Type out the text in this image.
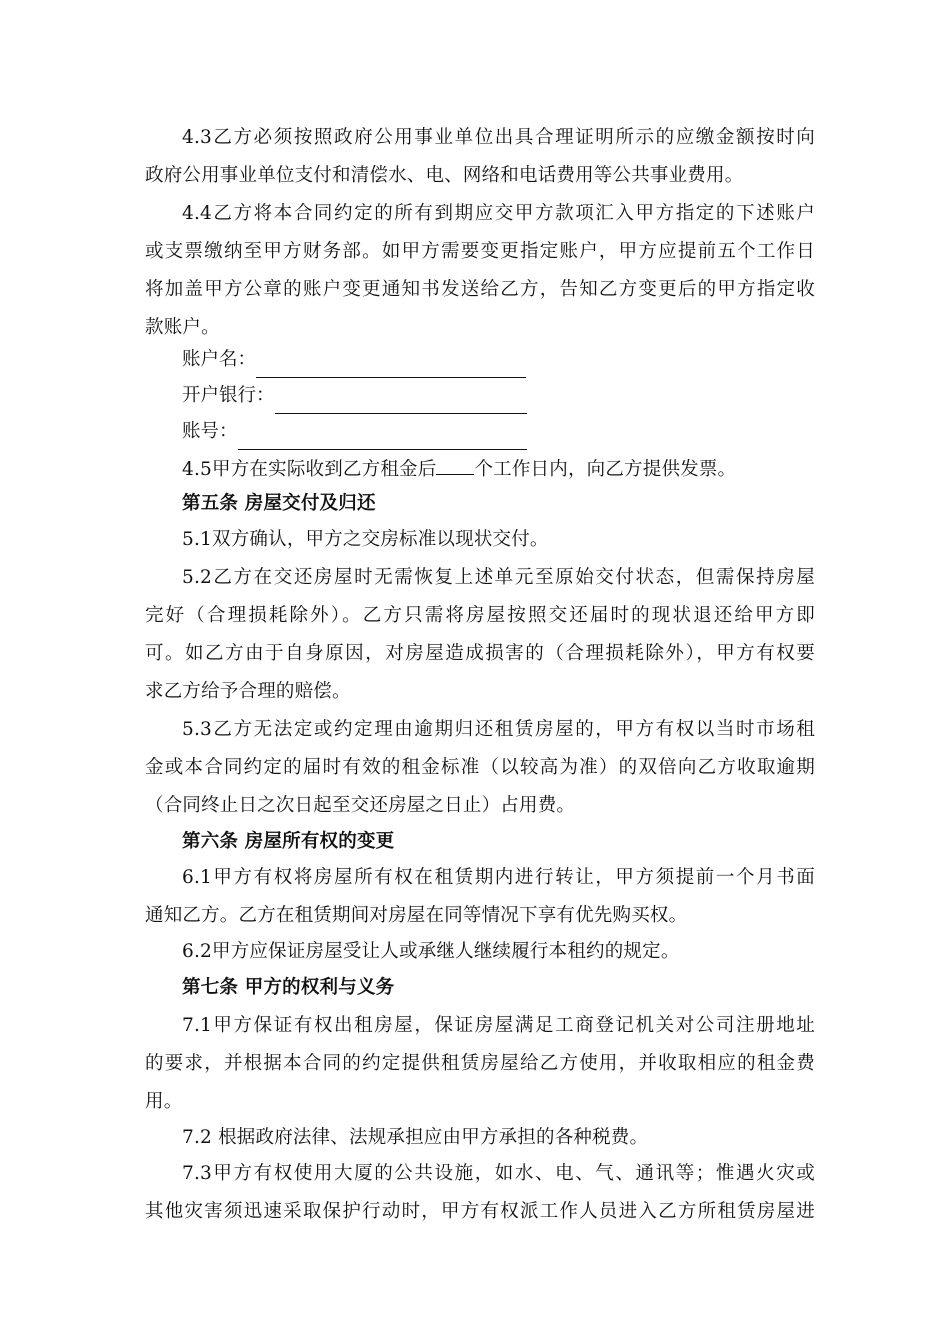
4.3乙方必须按照政府公用事业单位出具合理证明所示的应缴金额按时向
政府公用事业单位支付和清偿水、电、网络和电话费用等公共事业费用。
4.4乙方将本合同约定的所有到期应交甲方款项汇入甲方指定的下述账户
或支票缴纳至甲方财务部。如甲方需要变更指定账户，甲方应提前五个工作日
将加盖甲方公章的账户变更通知书发送给乙方，告知乙方变更后的甲方指定收
款账户。
账户名：
开户银行：
账号：
4.5甲方在实际收到乙方租金后 个工作日内，向乙方提供发票。
第五条 房屋交付及归还
5.1双方确认，甲方之交房标准以现状交付。
5.2乙方在交还房屋时无需恢复上述单元至原始交付状态，但需保持房屋
完好（合理损耗除外）。乙方只需将房屋按照交还届时的现状退还给甲方即
可。如乙方由于自身原因，对房屋造成损害的（合理损耗除外），甲方有权要
求乙方给予合理的赔偿。
5.3乙方无法定或约定理由逾期归还租赁房屋的，甲方有权以当时市场租
金或本合同约定的届时有效的租金标准（以较高为准）的双倍向乙方收取逾期
（合同终止日之次日起至交还房屋之日止）占用费。
第六条 房屋所有权的变更
6.1甲方有权将房屋所有权在租赁期内进行转让，甲方须提前一个月书面
通知乙方。乙方在租赁期间对房屋在同等情况下享有优先购买权。
6.2甲方应保证房屋受让人或承继人继续履行本租约的规定。
第七条 甲方的权利与义务
7.1甲方保证有权出租房屋，保证房屋满足工商登记机关对公司注册地址
的要求，并根据本合同的约定提供租赁房屋给乙方使用，并收取相应的租金费
用。
7.2 根据政府法律、法规承担应由甲方承担的各种税费。
7.3甲方有权使用大厦的公共设施，如水、电、气、通讯等；惟遇火灾或
其他灾害须迅速采取保护行动时，甲方有权派工作人员进入乙方所租赁房屋进
